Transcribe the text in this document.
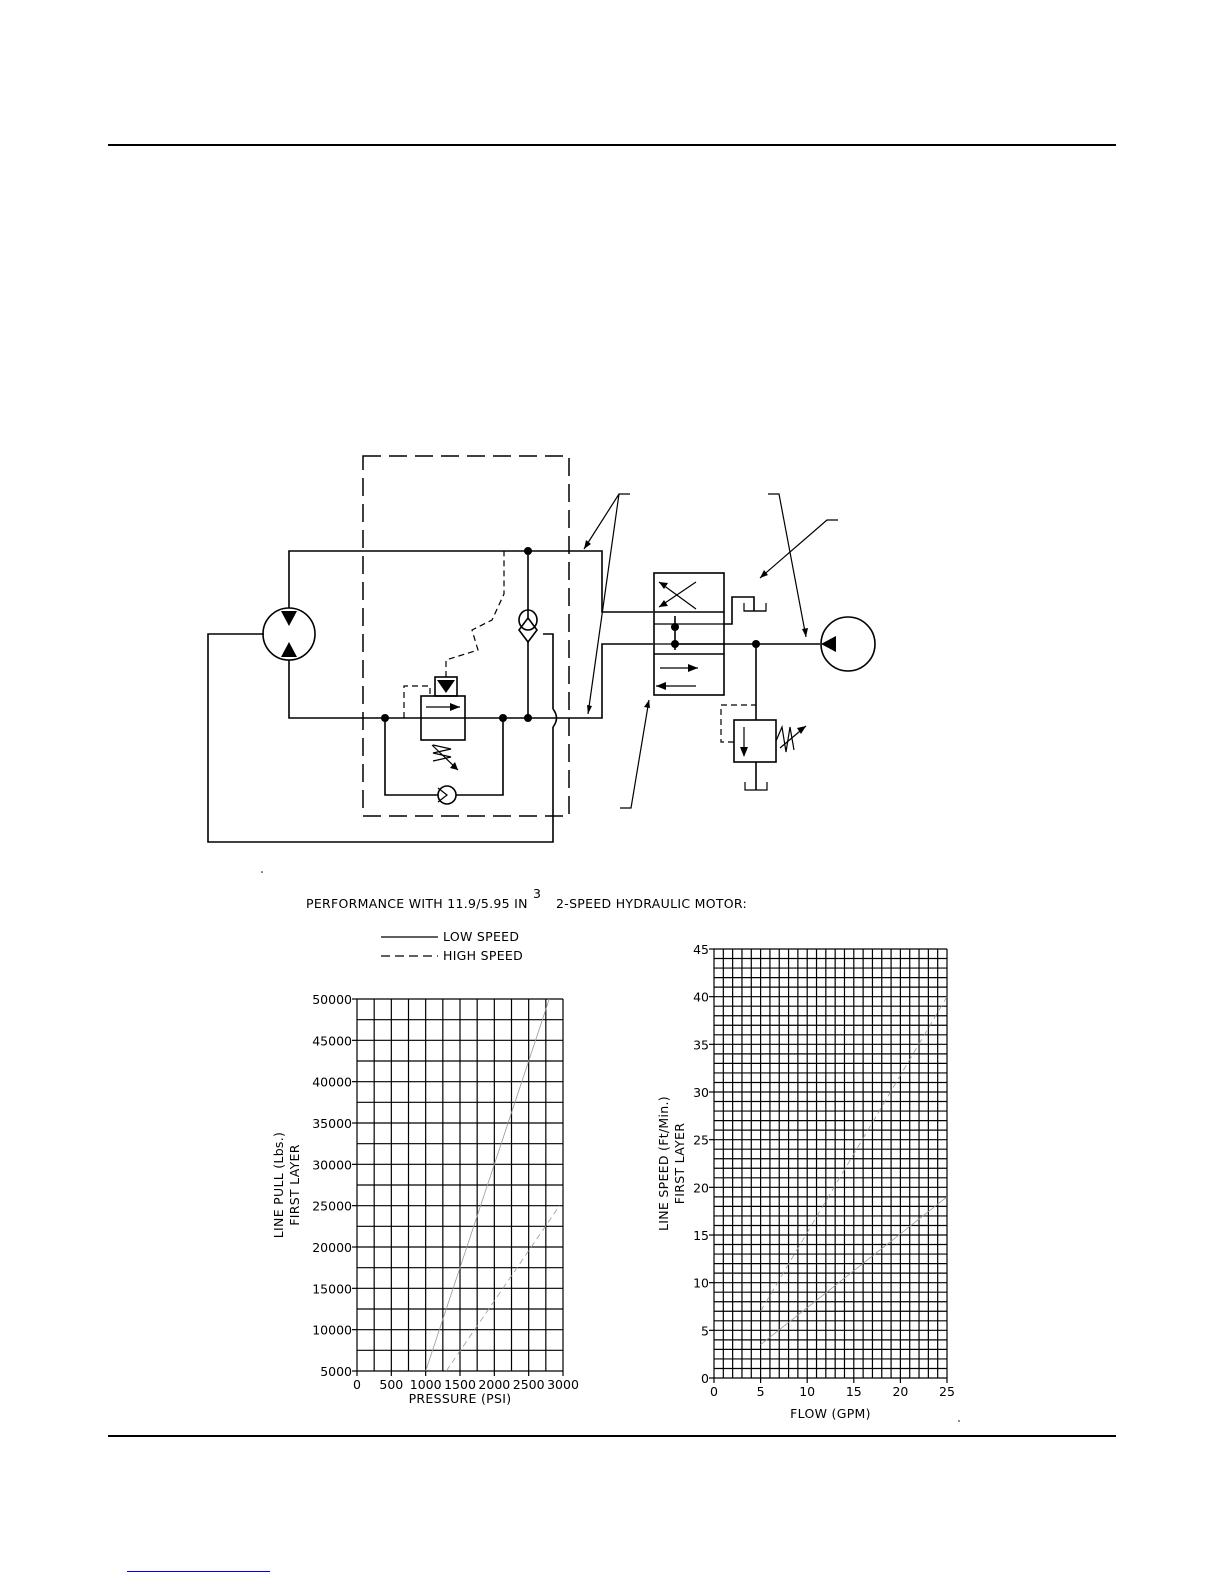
PERFORMANCE WITH 11.9/5.95 IN
3
2-SPEED HYDRAULIC MOTOR:
LOW SPEED
HIGH SPEED
0 500 1000 1500 2000 2500 3000
5000
10000
15000
20000
25000
30000
35000
40000
45000
50000
PRESSURE (PSI)
LINE PULL (Lbs.) FIRST LAYER
0	5	10 15 20 25
0
5
10
15
20
25
30
35
40
45
FLOW (GPM)
LINE SPEED (Ft/Min.) FIRST LAYER
